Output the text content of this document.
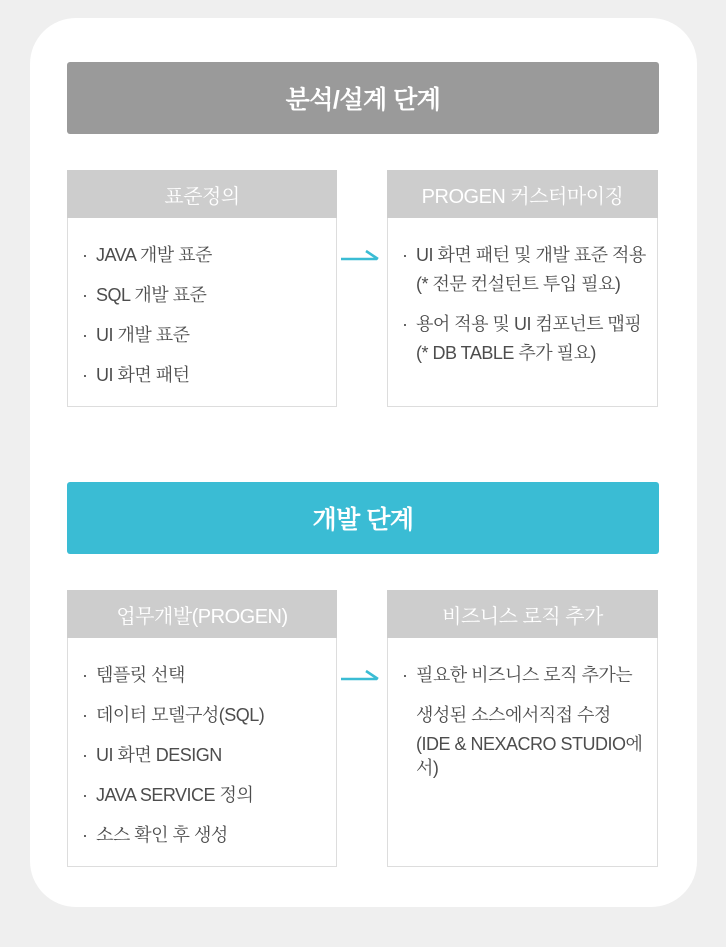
분석/설계 단계
표준정의
· JAVA 개발 표준
· SQL 개발 표준
· UI 개발 표준
· UI 화면 패턴
PROGEN 커스터마이징
· UI 화면 패턴 및 개발 표준 적용
(* 전문 컨설턴트 투입 필요)
· 용어 적용 및 UI 컴포넌트 맵핑
(* DB TABLE 추가 필요)
개발 단계
업무개발(PROGEN)
· 템플릿 선택
· 데이터 모델구성(SQL)
· UI 화면 DESIGN
· JAVA SERVICE 정의
· 소스 확인 후 생성
비즈니스 로직 추가
· 필요한 비즈니스 로직 추가는
생성된 소스에서직접 수정
(IDE & NEXACRO STUDIO에서)
